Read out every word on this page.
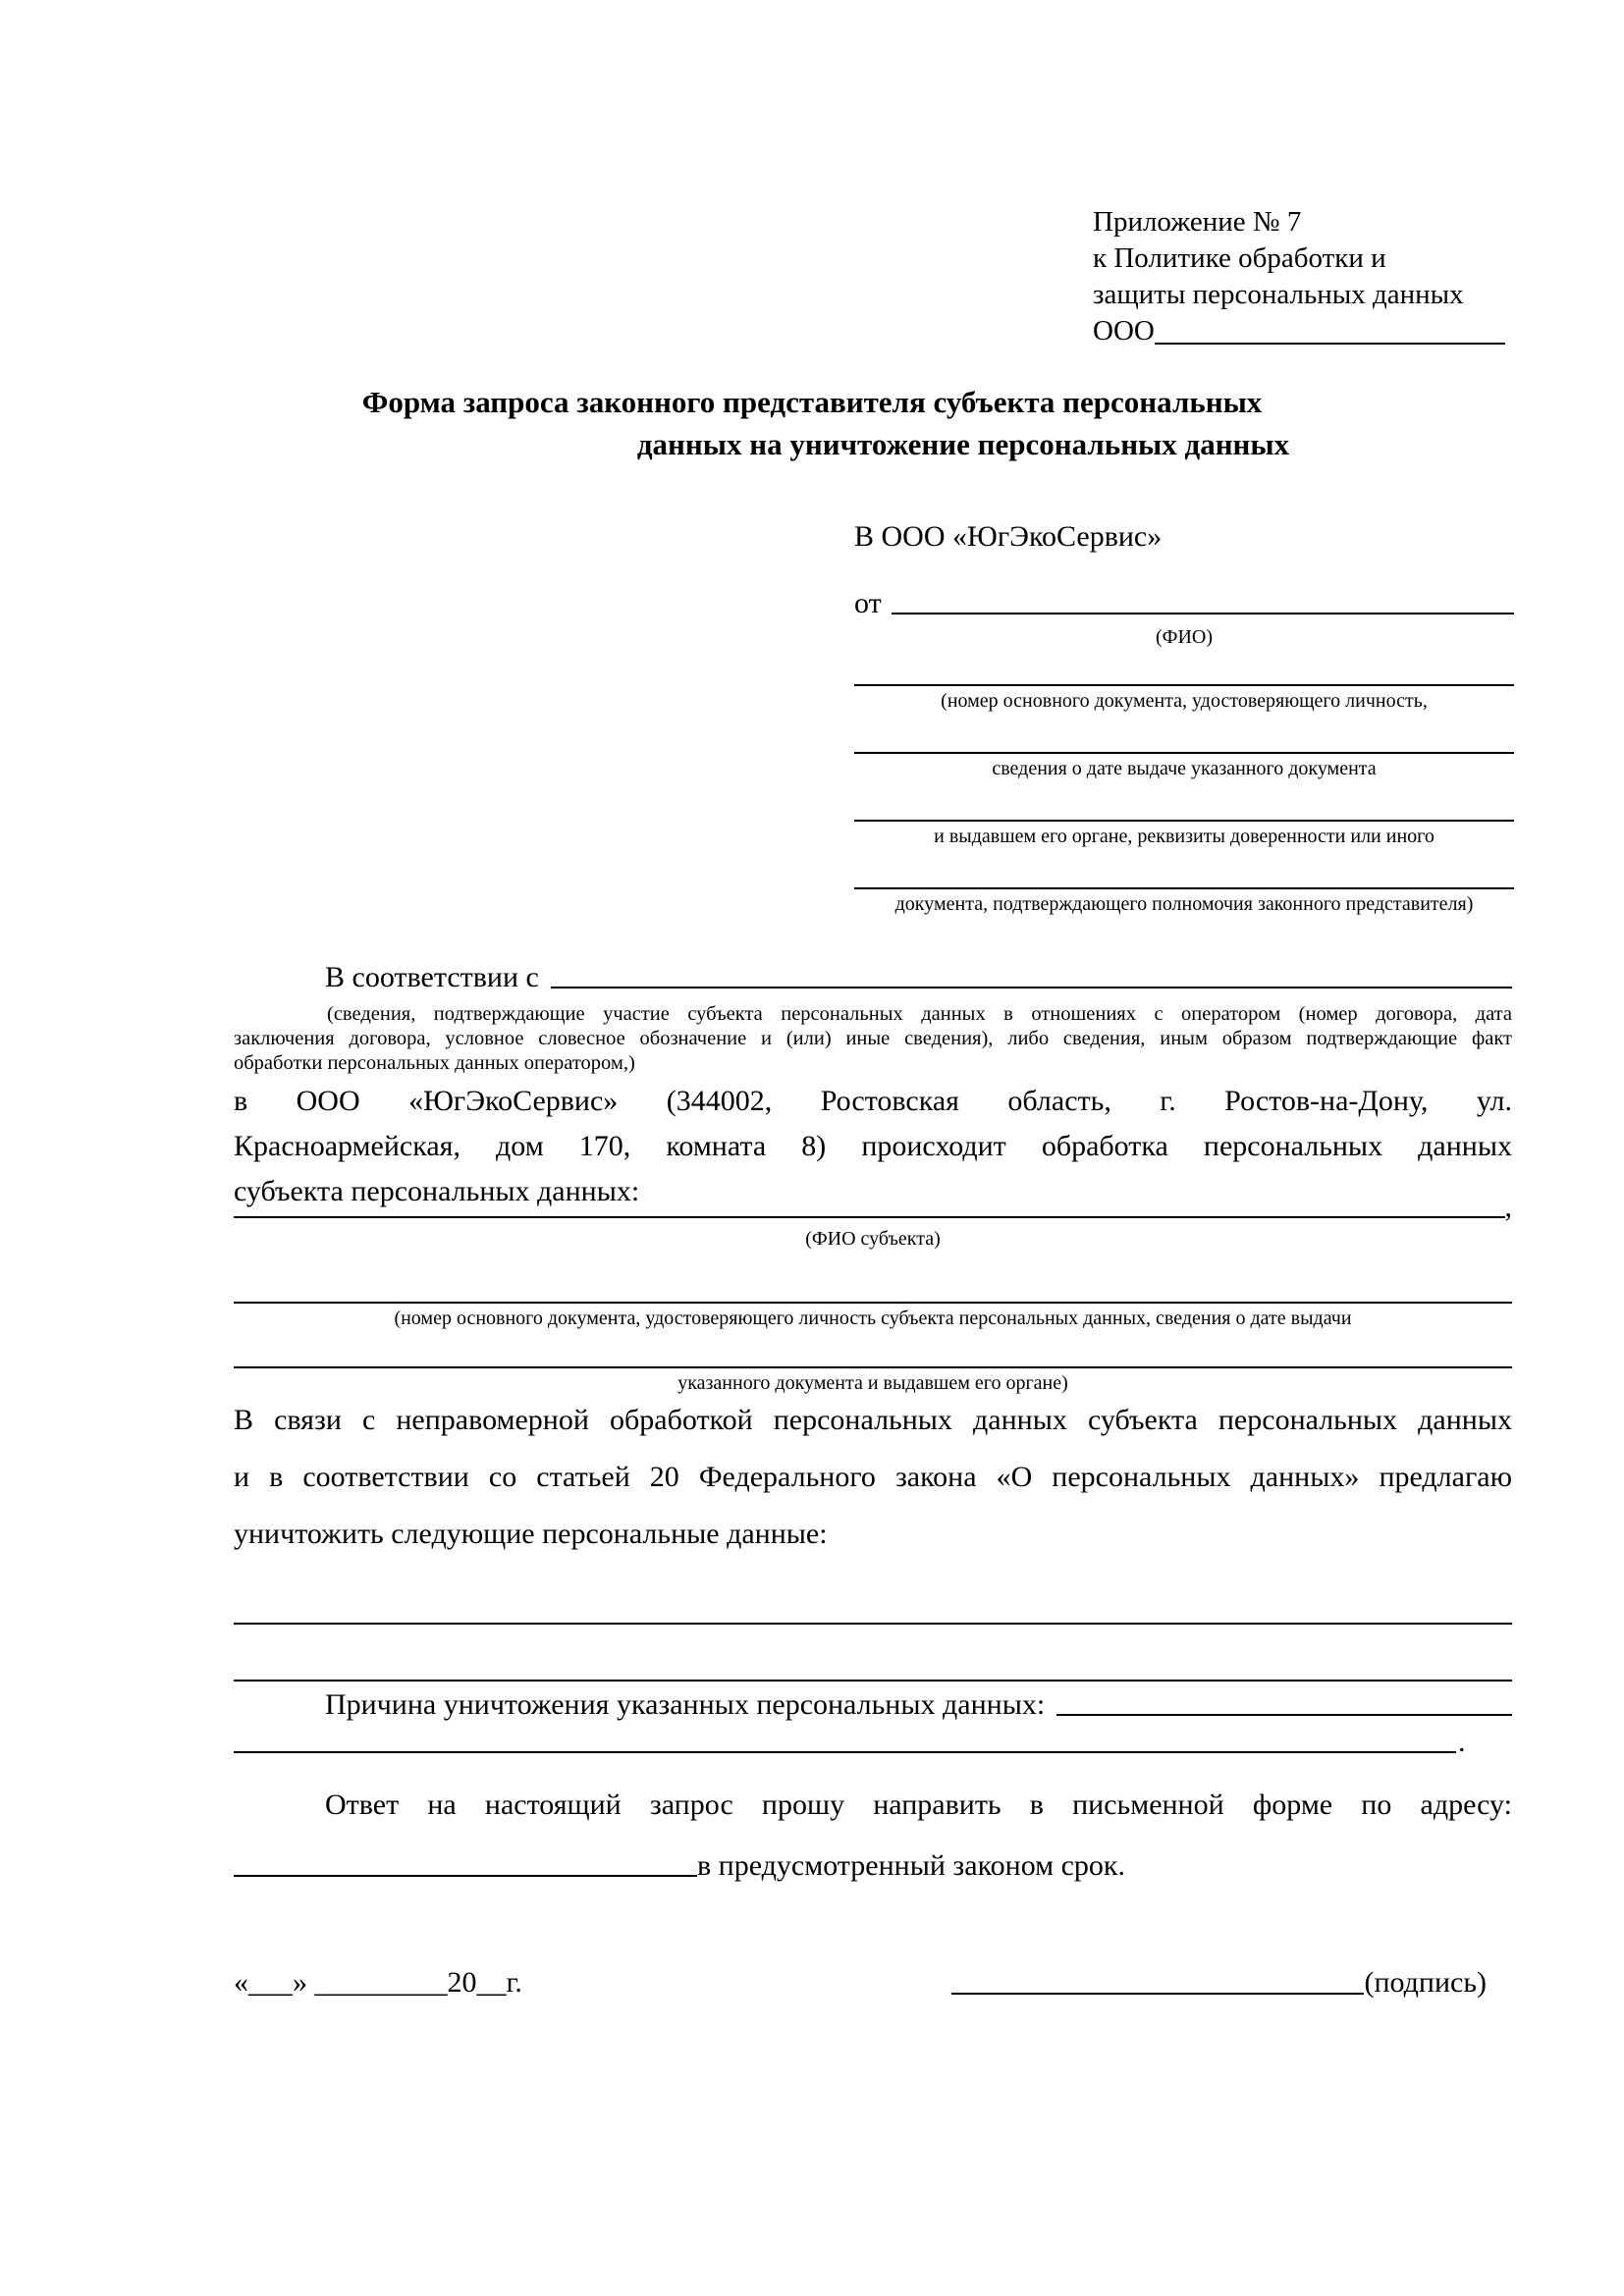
Приложение № 7
к Политике обработки и
защиты персональных данных
ООО
Форма запроса законного представителя субъекта персональных
данных на уничтожение персональных данных
В ООО «ЮгЭкоСервис»
от
(ФИО)
(номер основного документа, удостоверяющего личность,
сведения о дате выдаче указанного документа
и выдавшем его органе, реквизиты доверенности или иного
документа, подтверждающего полномочия законного представителя)
В соответствии с
(сведения, подтверждающие участие субъекта персональных данных в отношениях с оператором (номер договора, дата
заключения договора, условное словесное обозначение и (или) иные сведения), либо сведения, иным образом подтверждающие факт
обработки персональных данных оператором,)
в ООО «ЮгЭкоСервис» (344002, Ростовская область, г. Ростов-на-Дону, ул.
Красноармейская, дом 170, комната 8) происходит обработка персональных данных
субъекта персональных данных:	,
(ФИО субъекта)
(номер основного документа, удостоверяющего личность субъекта персональных данных, сведения о дате выдачи
указанного документа и выдавшем его органе)
В связи с неправомерной обработкой персональных данных субъекта персональных данных
и в соответствии со статьей 20 Федерального закона «О персональных данных» предлагаю
уничтожить следующие персональные данные:
Причина уничтожения указанных персональных данных:
.
Ответ на настоящий запрос прошу направить в письменной форме по адресу:
в предусмотренный законом срок.
«___» _________20__г.	(подпись)
